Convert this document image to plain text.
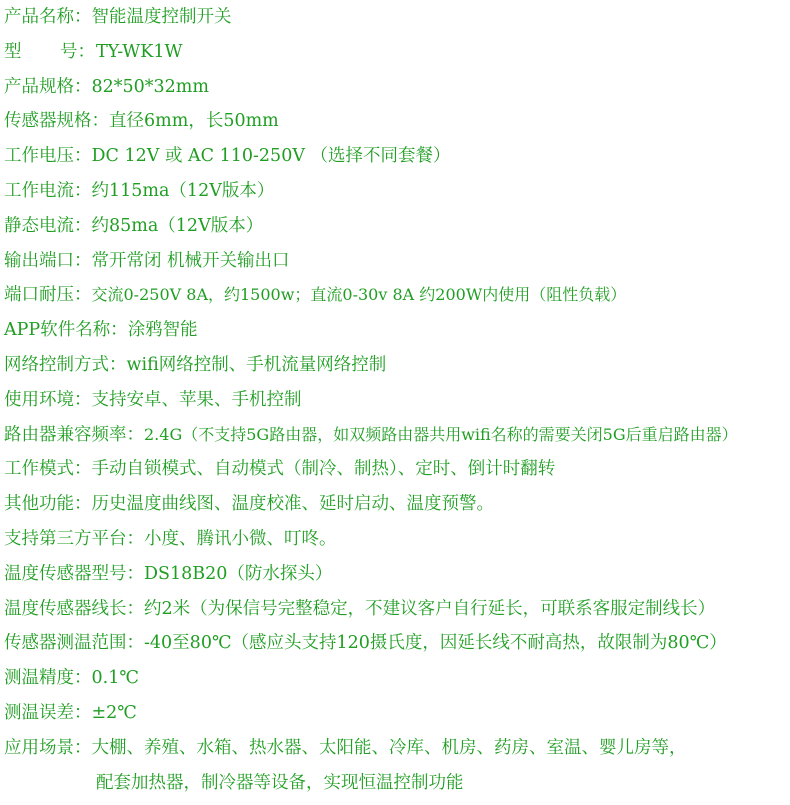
产品名称：智能温度控制开关
型 号：TY-WK1W
产品规格：82*50*32mm
传感器规格：直径6mm，长50mm
工作电压：DC 12V 或 AC 110-250V （选择不同套餐）
工作电流：约115ma（12V版本）
静态电流：约85ma（12V版本）
输出端口：常开常闭 机械开关输出口
端口耐压：交流0-250V 8A，约1500w；直流0-30v 8A 约200W内使用（阻性负载）
APP软件名称：涂鸦智能
网络控制方式：wifi网络控制、手机流量网络控制
使用环境：支持安卓、苹果、手机控制
路由器兼容频率：2.4G（不支持5G路由器，如双频路由器共用wifi名称的需要关闭5G后重启路由器）
工作模式：手动自锁模式、自动模式（制冷、制热）、定时、倒计时翻转
其他功能：历史温度曲线图、温度校准、延时启动、温度预警。
支持第三方平台：小度、腾讯小微、叮咚。
温度传感器型号：DS18B20（防水探头）
温度传感器线长：约2米（为保信号完整稳定，不建议客户自行延长，可联系客服定制线长）
传感器测温范围：-40至80℃（感应头支持120摄氏度，因延长线不耐高热，故限制为80℃）
测温精度：0.1℃
测温误差：±2℃
应用场景：大棚、养殖、水箱、热水器、太阳能、冷库、机房、药房、室温、婴儿房等，
配套加热器，制冷器等设备，实现恒温控制功能
